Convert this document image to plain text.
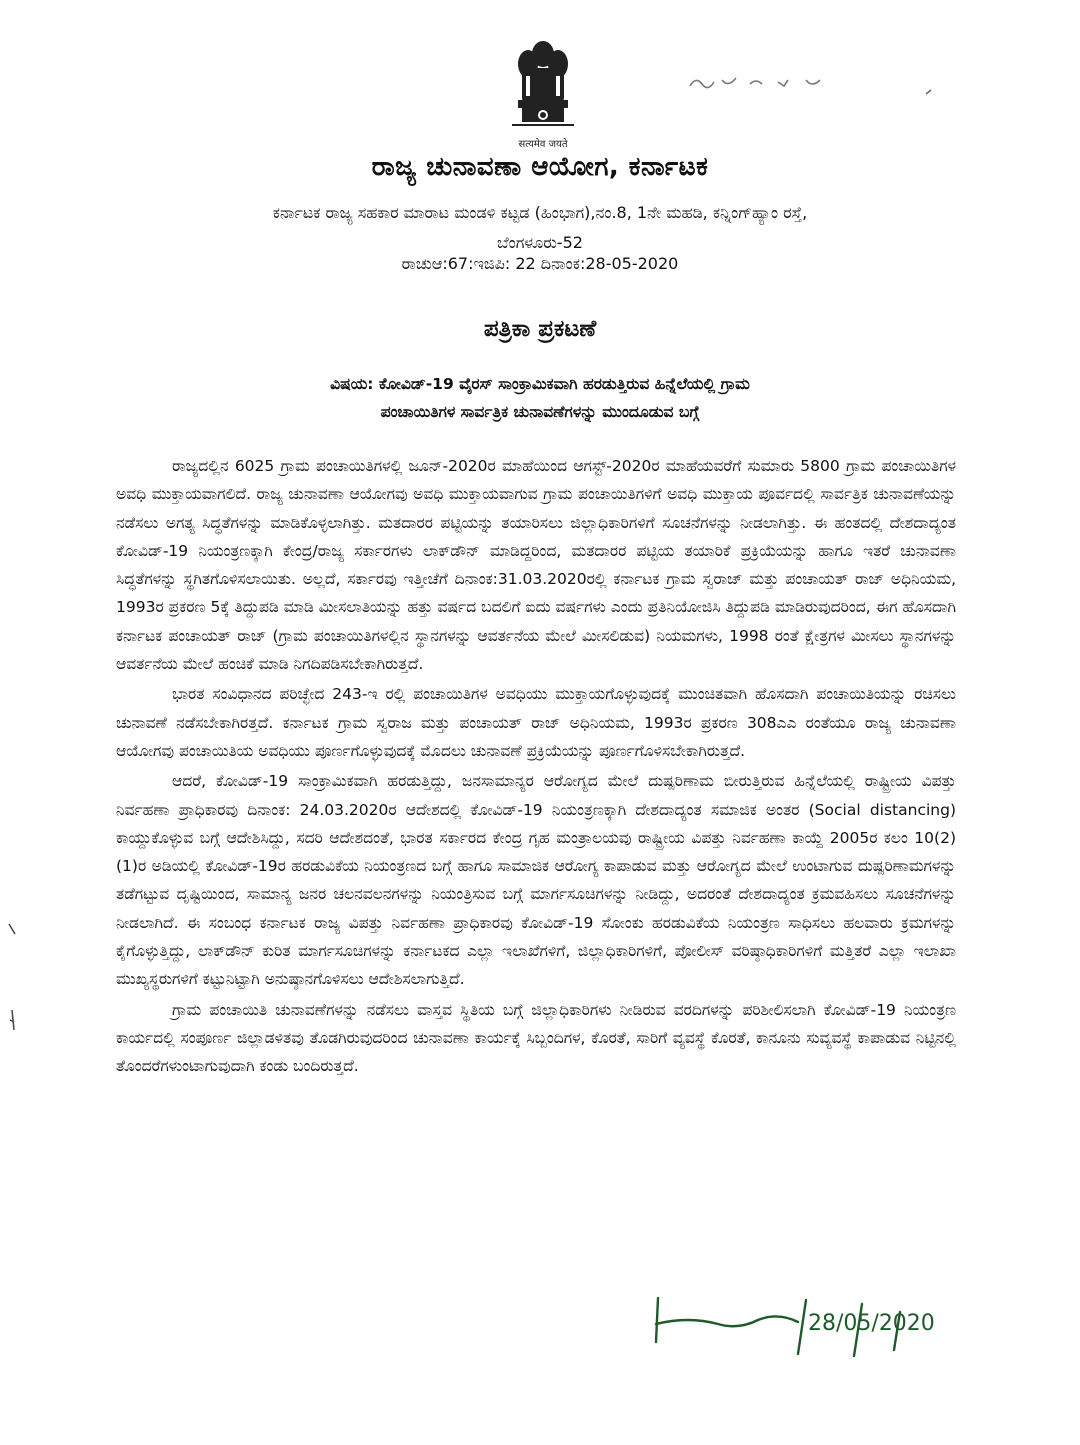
सत्यमेव जयते
ರಾಜ್ಯ ಚುನಾವಣಾ ಆಯೋಗ, ಕರ್ನಾಟಕ
ಕರ್ನಾಟಕ ರಾಜ್ಯ ಸಹಕಾರ ಮಾರಾಟ ಮಂಡಳಿ ಕಟ್ಟಡ (ಹಿಂಭಾಗ),ನಂ.8, 1ನೇ ಮಹಡಿ, ಕನ್ನಿಂಗ್‌ಹ್ಯಾಂ ರಸ್ತೆ,
ಬೆಂಗಳೂರು-52
ರಾಚುಆ:67:ಇಜಿಪಿ: 22 ದಿನಾಂಕ:28-05-2020
ಪತ್ರಿಕಾ ಪ್ರಕಟಣೆ
ವಿಷಯ: ಕೋವಿಡ್-19 ವೈರಸ್ ಸಾಂಕ್ರಾಮಿಕವಾಗಿ ಹರಡುತ್ತಿರುವ ಹಿನ್ನೆಲೆಯಲ್ಲಿ ಗ್ರಾಮ
ಪಂಚಾಯಿತಿಗಳ ಸಾರ್ವತ್ರಿಕ ಚುನಾವಣೆಗಳನ್ನು ಮುಂದೂಡುವ ಬಗ್ಗೆ

ರಾಜ್ಯದಲ್ಲಿನ 6025 ಗ್ರಾಮ ಪಂಚಾಯಿತಿಗಳಲ್ಲಿ ಜೂನ್-2020ರ ಮಾಹೆಯಿಂದ ಆಗಸ್ಟ್-2020ರ ಮಾಹೆಯವರೆಗೆ ಸುಮಾರು 5800 ಗ್ರಾಮ ಪಂಚಾಯಿತಿಗಳ ಅವಧಿ ಮುಕ್ತಾಯವಾಗಲಿದೆ. ರಾಜ್ಯ ಚುನಾವಣಾ ಆಯೋಗವು ಅವಧಿ ಮುಕ್ತಾಯವಾಗುವ ಗ್ರಾಮ ಪಂಚಾಯಿತಿಗಳಿಗೆ ಅವಧಿ ಮುಕ್ತಾಯ ಪೂರ್ವದಲ್ಲಿ ಸಾರ್ವತ್ರಿಕ ಚುನಾವಣೆಯನ್ನು ನಡೆಸಲು ಅಗತ್ಯ ಸಿದ್ಧತೆಗಳನ್ನು ಮಾಡಿಕೊಳ್ಳಲಾಗಿತ್ತು. ಮತದಾರರ ಪಟ್ಟಿಯನ್ನು ತಯಾರಿಸಲು ಜಿಲ್ಲಾಧಿಕಾರಿಗಳಿಗೆ ಸೂಚನೆಗಳನ್ನು ನೀಡಲಾಗಿತ್ತು. ಈ ಹಂತದಲ್ಲಿ ದೇಶದಾದ್ಯಂತ ಕೋವಿಡ್-19 ನಿಯಂತ್ರಣಕ್ಕಾಗಿ ಕೇಂದ್ರ/ರಾಜ್ಯ ಸರ್ಕಾರಗಳು ಲಾಕ್‌ಡೌನ್ ಮಾಡಿದ್ದರಿಂದ, ಮತದಾರರ ಪಟ್ಟಿಯ ತಯಾರಿಕೆ ಪ್ರಕ್ರಿಯೆಯನ್ನು ಹಾಗೂ ಇತರೆ ಚುನಾವಣಾ ಸಿದ್ಧತೆಗಳನ್ನು ಸ್ಥಗಿತಗೊಳಿಸಲಾಯಿತು. ಅಲ್ಲದೆ, ಸರ್ಕಾರವು ಇತ್ತೀಚೆಗೆ ದಿನಾಂಕ:31.03.2020ರಲ್ಲಿ ಕರ್ನಾಟಕ ಗ್ರಾಮ ಸ್ವರಾಜ್ ಮತ್ತು ಪಂಚಾಯತ್ ರಾಜ್ ಅಧಿನಿಯಮ, 1993ರ ಪ್ರಕರಣ 5ಕ್ಕೆ ತಿದ್ದುಪಡಿ ಮಾಡಿ ಮೀಸಲಾತಿಯನ್ನು ಹತ್ತು ವರ್ಷದ ಬದಲಿಗೆ ಐದು ವರ್ಷಗಳು ಎಂದು ಪ್ರತಿನಿಯೋಜಿಸಿ ತಿದ್ದುಪಡಿ ಮಾಡಿರುವುದರಿಂದ, ಈಗ ಹೊಸದಾಗಿ ಕರ್ನಾಟಕ ಪಂಚಾಯತ್ ರಾಜ್ (ಗ್ರಾಮ ಪಂಚಾಯಿತಿಗಳಲ್ಲಿನ ಸ್ಥಾನಗಳನ್ನು ಆವರ್ತನೆಯ ಮೇಲೆ ಮೀಸಲಿಡುವ) ನಿಯಮಗಳು, 1998 ರಂತೆ ಕ್ಷೇತ್ರಗಳ ಮೀಸಲು ಸ್ಥಾನಗಳನ್ನು ಆವರ್ತನೆಯ ಮೇಲೆ ಹಂಚಿಕೆ ಮಾಡಿ ನಿಗದಿಪಡಿಸಬೇಕಾಗಿರುತ್ತದೆ.

ಭಾರತ ಸಂವಿಧಾನದ ಪರಿಚ್ಛೇದ 243-ಇ ರಲ್ಲಿ ಪಂಚಾಯಿತಿಗಳ ಅವಧಿಯು ಮುಕ್ತಾಯಗೊಳ್ಳುವುದಕ್ಕೆ ಮುಂಚಿತವಾಗಿ ಹೊಸದಾಗಿ ಪಂಚಾಯಿತಿಯನ್ನು ರಚಿಸಲು ಚುನಾವಣೆ ನಡೆಸಬೇಕಾಗಿರತ್ತದೆ. ಕರ್ನಾಟಕ ಗ್ರಾಮ ಸ್ವರಾಜ ಮತ್ತು ಪಂಚಾಯತ್ ರಾಜ್ ಅಧಿನಿಯಮ, 1993ರ ಪ್ರಕರಣ 308ಎಎ ರಂತೆಯೂ ರಾಜ್ಯ ಚುನಾವಣಾ ಆಯೋಗವು ಪಂಚಾಯಿತಿಯ ಅವಧಿಯು ಪೂರ್ಣಗೊಳ್ಳುವುದಕ್ಕೆ ಮೊದಲು ಚುನಾವಣೆ ಪ್ರಕ್ರಿಯೆಯನ್ನು ಪೂರ್ಣಗೊಳಿಸಬೇಕಾಗಿರುತ್ತದೆ.

ಆದರೆ, ಕೋವಿಡ್-19 ಸಾಂಕ್ರಾಮಿಕವಾಗಿ ಹರಡುತ್ತಿದ್ದು, ಜನಸಾಮಾನ್ಯರ ಆರೋಗ್ಯದ ಮೇಲೆ ದುಷ್ಪರಿಣಾಮ ಬೀರುತ್ತಿರುವ ಹಿನ್ನೆಲೆಯಲ್ಲಿ ರಾಷ್ಟ್ರೀಯ ವಿಪತ್ತು ನಿರ್ವಹಣಾ ಪ್ರಾಧಿಕಾರವು ದಿನಾಂಕ: 24.03.2020ರ ಆದೇಶದಲ್ಲಿ ಕೋವಿಡ್-19 ನಿಯಂತ್ರಣಕ್ಕಾಗಿ ದೇಶದಾದ್ಯಂತ ಸಮಾಜಿಕ ಅಂತರ (Social distancing) ಕಾಯ್ದುಕೊಳ್ಳುವ ಬಗ್ಗೆ ಆದೇಶಿಸಿದ್ದು, ಸದರಿ ಆದೇಶದಂತೆ, ಭಾರತ ಸರ್ಕಾರದ ಕೇಂದ್ರ ಗೃಹ ಮಂತ್ರಾಲಯವು ರಾಷ್ಟ್ರೀಯ ವಿಪತ್ತು ನಿರ್ವಹಣಾ ಕಾಯ್ದೆ 2005ರ ಕಲಂ 10(2)(1)ರ ಅಡಿಯಲ್ಲಿ ಕೋವಿಡ್-19ರ ಹರಡುವಿಕೆಯ ನಿಯಂತ್ರಣದ ಬಗ್ಗೆ ಹಾಗೂ ಸಾಮಾಜಿಕ ಆರೋಗ್ಯ ಕಾಪಾಡುವ ಮತ್ತು ಆರೋಗ್ಯದ ಮೇಲೆ ಉಂಟಾಗುವ ದುಷ್ಪರಿಣಾಮಗಳನ್ನು ತಡೆಗಟ್ಟುವ ದೃಷ್ಟಿಯಿಂದ, ಸಾಮಾನ್ಯ ಜನರ ಚಲನವಲನಗಳನ್ನು ನಿಯಂತ್ರಿಸುವ ಬಗ್ಗೆ ಮಾರ್ಗಸೂಚಿಗಳನ್ನು ನೀಡಿದ್ದು, ಅದರಂತೆ ದೇಶದಾದ್ಯಂತ ಕ್ರಮವಹಿಸಲು ಸೂಚನೆಗಳನ್ನು ನೀಡಲಾಗಿದೆ. ಈ ಸಂಬಂಧ ಕರ್ನಾಟಕ ರಾಜ್ಯ ವಿಪತ್ತು ನಿರ್ವಹಣಾ ಪ್ರಾಧಿಕಾರವು ಕೋವಿಡ್-19 ಸೋಂಕು ಹರಡುವಿಕೆಯ ನಿಯಂತ್ರಣ ಸಾಧಿಸಲು ಹಲವಾರು ಕ್ರಮಗಳನ್ನು ಕೈಗೊಳ್ಳುತ್ತಿದ್ದು, ಲಾಕ್‌ಡೌನ್ ಕುರಿತ ಮಾರ್ಗಸೂಚಿಗಳನ್ನು ಕರ್ನಾಟಕದ ಎಲ್ಲಾ ಇಲಾಖೆಗಳಿಗೆ, ಜಿಲ್ಲಾಧಿಕಾರಿಗಳಿಗೆ, ಪೋಲೀಸ್ ವರಿಷ್ಠಾಧಿಕಾರಿಗಳಿಗೆ ಮತ್ತಿತರೆ ಎಲ್ಲಾ ಇಲಾಖಾ ಮುಖ್ಯಸ್ಥರುಗಳಿಗೆ ಕಟ್ಟುನಿಟ್ಟಾಗಿ ಅನುಷ್ಠಾನಗೊಳಿಸಲು ಆದೇಶಿಸಲಾಗುತ್ತಿದೆ.

ಗ್ರಾಮ ಪಂಚಾಯಿತಿ ಚುನಾವಣೆಗಳನ್ನು ನಡೆಸಲು ವಾಸ್ತವ ಸ್ಥಿತಿಯ ಬಗ್ಗೆ ಜಿಲ್ಲಾಧಿಕಾರಿಗಳು ನೀಡಿರುವ ವರದಿಗಳನ್ನು ಪರಿಶೀಲಿಸಲಾಗಿ ಕೋವಿಡ್-19 ನಿಯಂತ್ರಣ ಕಾರ್ಯದಲ್ಲಿ ಸಂಪೂರ್ಣ ಜಿಲ್ಲಾಡಳಿತವು ತೊಡಗಿರುವುದರಿಂದ ಚುನಾವಣಾ ಕಾರ್ಯಕ್ಕೆ ಸಿಬ್ಬಂದಿಗಳ, ಕೊರತೆ, ಸಾರಿಗೆ ವ್ಯವಸ್ಥೆ ಕೊರತೆ, ಕಾನೂನು ಸುವ್ಯವಸ್ಥೆ ಕಾಪಾಡುವ ನಿಟ್ಟಿನಲ್ಲಿ ತೊಂದರೆಗಳುಂಟಾಗುವುದಾಗಿ ಕಂಡು ಬಂದಿರುತ್ತದೆ.

28/05/2020
